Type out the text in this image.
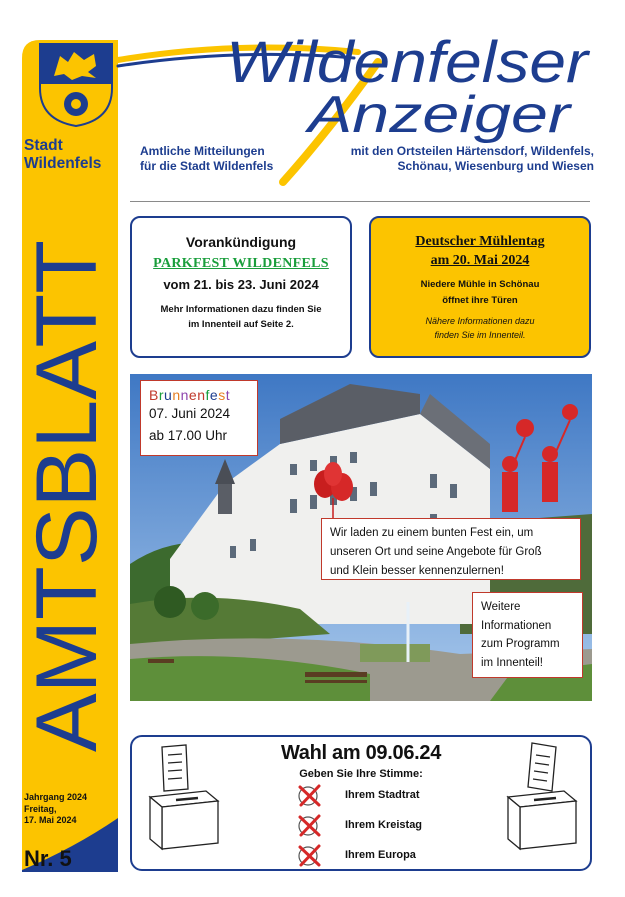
Stadt
Wildenfels
AMTSBLATT
Jahrgang 2024
Freitag,
17. Mai 2024
Nr. 5
Wildenfelser
Anzeiger
Amtliche Mitteilungen
für die Stadt Wildenfels
mit den Ortsteilen Härtensdorf, Wildenfels,
Schönau, Wiesenburg und Wiesen
Vorankündigung
PARKFEST WILDENFELS
vom 21. bis 23. Juni 2024
Mehr Informationen dazu finden Sie
im Innenteil auf Seite 2.
Deutscher Mühlentag
am 20. Mai 2024
Niedere Mühle in Schönau
öffnet ihre Türen
Nähere Informationen dazu
finden Sie im Innenteil.
Brunnenfest
07. Juni 2024
ab 17.00 Uhr
Wir laden zu einem bunten Fest ein, um
unseren Ort und seine Angebote für Groß
und Klein besser kennenzulernen!
Weitere
Informationen
zum Programm
im Innenteil!
Wahl am 09.06.24
Geben Sie Ihre Stimme:
Ihrem Stadtrat
Ihrem Kreistag
Ihrem Europa
